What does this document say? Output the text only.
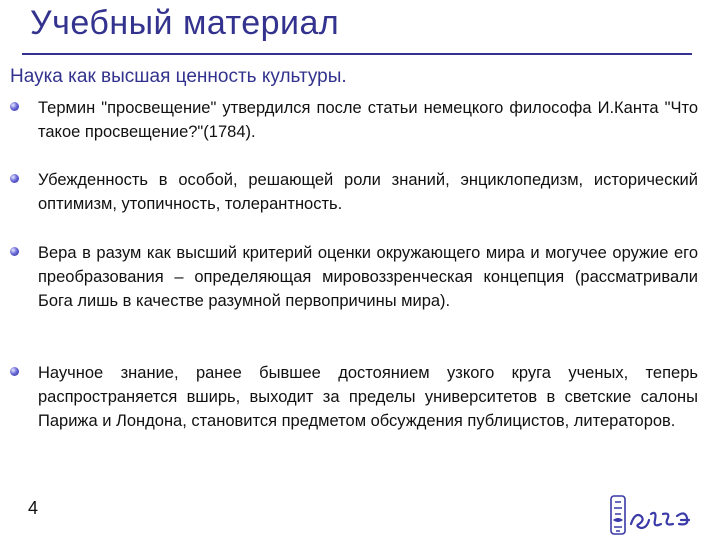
Учебный материал
Наука как высшая ценность культуры.
Термин "просвещение" утвердился после статьи немецкого философа И.Канта "Что такое просвещение?"(1784).
Убежденность в особой, решающей роли знаний, энциклопедизм, исторический оптимизм, утопичность, толерантность.
Вера в разум как высший критерий оценки окружающего мира и могучее оружие его преобразования – определяющая мировоззренческая концепция (рассматривали Бога лишь в качестве разумной первопричины мира).
Научное знание, ранее бывшее достоянием узкого круга ученых, теперь распространяется вширь, выходит за пределы университетов в светские салоны Парижа и Лондона, становится предметом обсуждения публицистов, литераторов.
4
